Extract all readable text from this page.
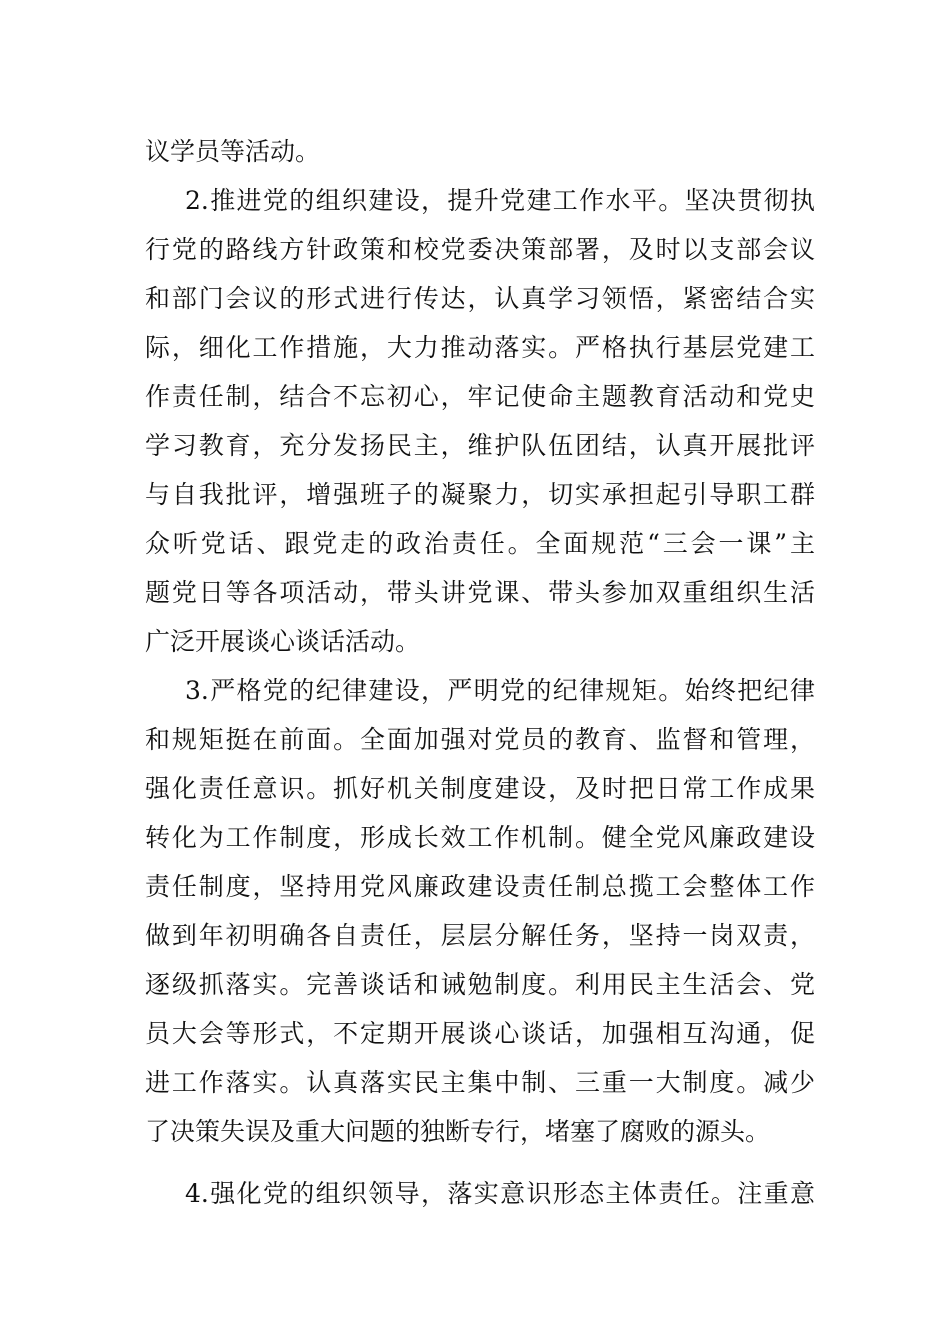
议学员等活动。
2.推进党的组织建设，提升党建工作水平。坚决贯彻执
行党的路线方针政策和校党委决策部署，及时以支部会议
和部门会议的形式进行传达，认真学习领悟，紧密结合实
际，细化工作措施，大力推动落实。严格执行基层党建工
作责任制，结合不忘初心，牢记使命主题教育活动和党史
学习教育，充分发扬民主，维护队伍团结，认真开展批评
与自我批评，增强班子的凝聚力，切实承担起引导职工群
众听党话、跟党走的政治责任。全面规范“三会一课”主
题党日等各项活动，带头讲党课、带头参加双重组织生活
广泛开展谈心谈话活动。
3.严格党的纪律建设，严明党的纪律规矩。始终把纪律
和规矩挺在前面。全面加强对党员的教育、监督和管理，
强化责任意识。抓好机关制度建设，及时把日常工作成果
转化为工作制度，形成长效工作机制。健全党风廉政建设
责任制度，坚持用党风廉政建设责任制总揽工会整体工作
做到年初明确各自责任，层层分解任务，坚持一岗双责，
逐级抓落实。完善谈话和诫勉制度。利用民主生活会、党
员大会等形式，不定期开展谈心谈话，加强相互沟通，促
进工作落实。认真落实民主集中制、三重一大制度。减少
了决策失误及重大问题的独断专行，堵塞了腐败的源头。
4.强化党的组织领导，落实意识形态主体责任。注重意
